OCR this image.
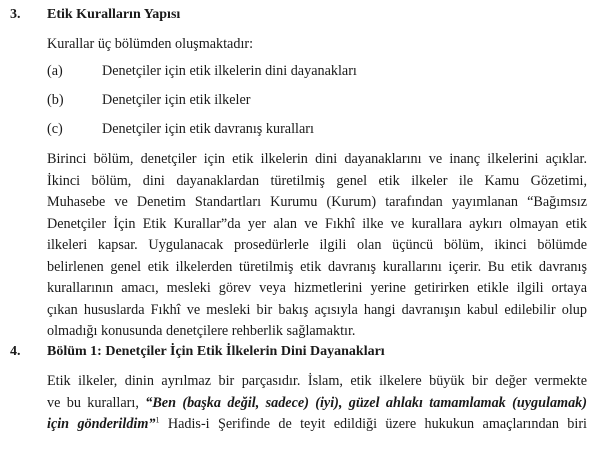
3. Etik Kuralların Yapısı
Kurallar üç bölümden oluşmaktadır:
(a)	Denetçiler için etik ilkelerin dini dayanakları
(b)	Denetçiler için etik ilkeler
(c)	Denetçiler için etik davranış kuralları
Birinci bölüm, denetçiler için etik ilkelerin dini dayanaklarını ve inanç ilkelerini açıklar.
İkinci bölüm, dini dayanaklardan türetilmiş genel etik ilkeler ile Kamu Gözetimi,
Muhasebe ve Denetim Standartları Kurumu (Kurum) tarafından yayımlanan “Bağımsız
Denetçiler İçin Etik Kurallar”da yer alan ve Fıkhî ilke ve kurallara aykırı olmayan etik
ilkeleri kapsar. Uygulanacak prosedürlerle ilgili olan üçüncü bölüm, ikinci bölümde
belirlenen genel etik ilkelerden türetilmiş etik davranış kurallarını içerir. Bu etik davranış
kurallarının amacı, mesleki görev veya hizmetlerini yerine getirirken etikle ilgili ortaya
çıkan hususlarda Fıkhî ve mesleki bir bakış açısıyla hangi davranışın kabul edilebilir olup
olmadığı konusunda denetçilere rehberlik sağlamaktır.
4. Bölüm 1: Denetçiler İçin Etik İlkelerin Dini Dayanakları
Etik ilkeler, dinin ayrılmaz bir parçasıdır. İslam, etik ilkelere büyük bir değer vermekte
ve bu kuralları, “Ben (başka değil, sadece) (iyi), güzel ahlakı tamamlamak (uygulamak)
için gönderildim”$^1$ Hadis-i Şerifinde de teyit edildiği üzere hukukun amaçlarından biri
